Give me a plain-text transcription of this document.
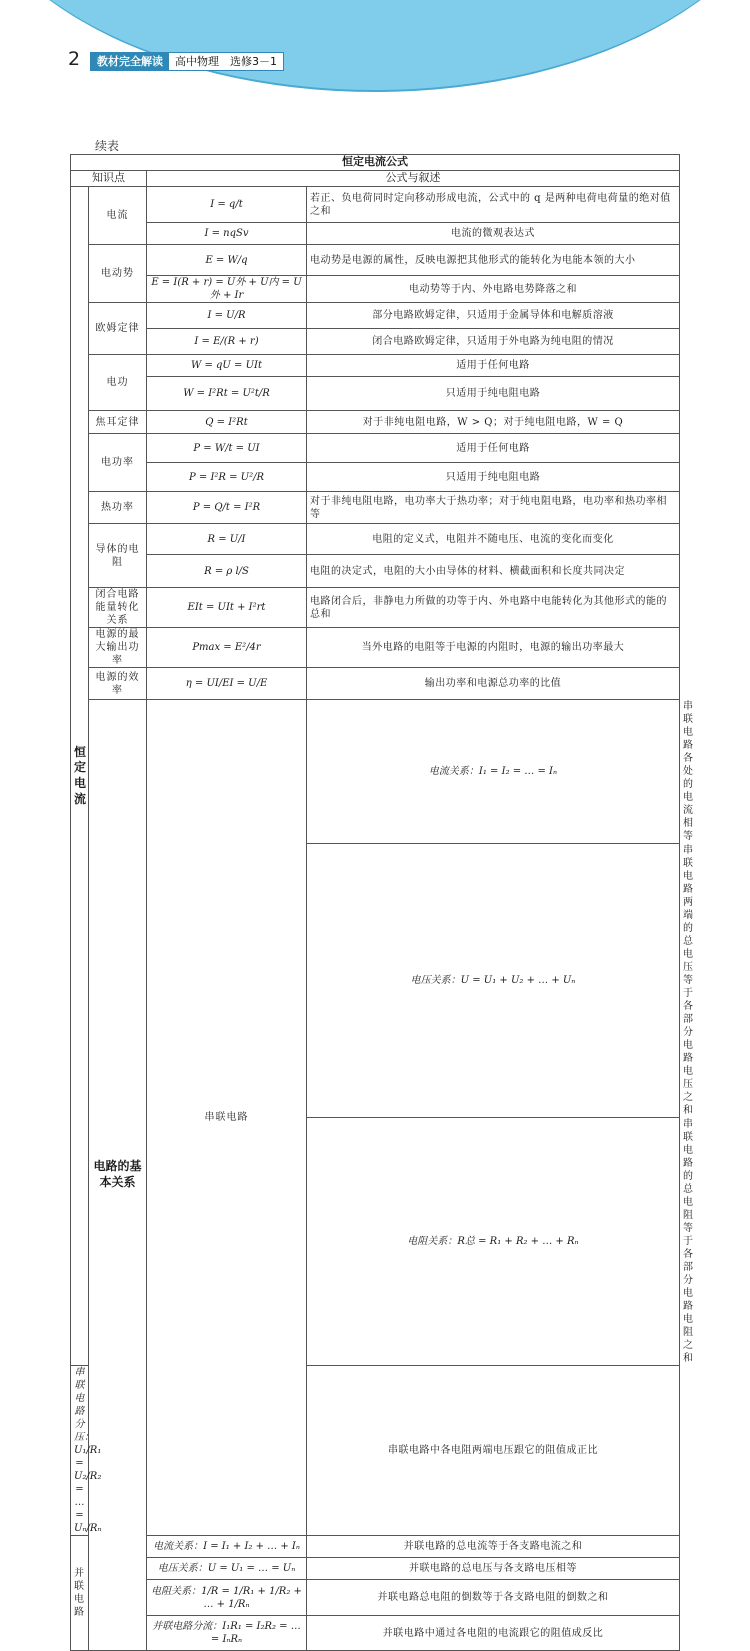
2	教材完全解读	高中物理　选修3－1
续表
恒定电流公式				
知识点		公式与叙述		
恒定电流	电流	I = q/t	若正、负电荷同时定向移动形成电流，公式中的 q 是两种电荷电荷量的绝对值之和	
		I = nqSv	电流的微观表达式	
	电动势	E = W/q	电动势是电源的属性，反映电源把其他形式的能转化为电能本领的大小	
		E = I(R + r) = U外 + U内 = U外 + Ir	电动势等于内、外电路电势降落之和	
	欧姆定律	I = U/R	部分电路欧姆定律，只适用于金属导体和电解质溶液	
		I = E/(R + r)	闭合电路欧姆定律，只适用于外电路为纯电阻的情况	
	电功	W = qU = UIt	适用于任何电路	
		W = I²Rt = U²t/R	只适用于纯电阻电路	
	焦耳定律	Q = I²Rt	对于非纯电阻电路，W > Q；对于纯电阻电路，W = Q	
	电功率	P = W/t = UI	适用于任何电路	
		P = I²R = U²/R	只适用于纯电阻电路	
	热功率	P = Q/t = I²R	对于非纯电阻电路，电功率大于热功率；对于纯电阻电路，电功率和热功率相等	
	导体的电阻	R = U/I	电阻的定义式，电阻并不随电压、电流的变化而变化	
		R = ρ l/S	电阻的决定式，电阻的大小由导体的材料、横截面积和长度共同决定	
	闭合电路能量转化关系	EIt = UIt + I²rt	电路闭合后，非静电力所做的功等于内、外电路中电能转化为其他形式的能的总和	
	电源的最大输出功率	Pmax = E²/4r	当外电路的电阻等于电源的内阻时，电源的输出功率最大	
	电源的效率	η = UI/EI = U/E	输出功率和电源总功率的比值	
	电路的基本关系	串联电路	电流关系：I₁ = I₂ = … = Iₙ	串联电路各处的电流相等
			电压关系：U = U₁ + U₂ + … + Uₙ	串联电路两端的总电压等于各部分电路电压之和
			电阻关系：R总 = R₁ + R₂ + … + Rₙ	串联电路的总电阻等于各部分电路电阻之和
串联电路分压：U₁/R₁ = U₂/R₂ = … = Uₙ/Rₙ			串联电路中各电阻两端电压跟它的阻值成正比	
并联电路		电流关系：I = I₁ + I₂ + … + Iₙ	并联电路的总电流等于各支路电流之和	
		电压关系：U = U₁ = … = Uₙ	并联电路的总电压与各支路电压相等	
		电阻关系：1/R = 1/R₁ + 1/R₂ + … + 1/Rₙ	并联电路总电阻的倒数等于各支路电阻的倒数之和	
		并联电路分流：I₁R₁ = I₂R₂ = … = IₙRₙ	并联电路中通过各电阻的电流跟它的阻值成反比	
